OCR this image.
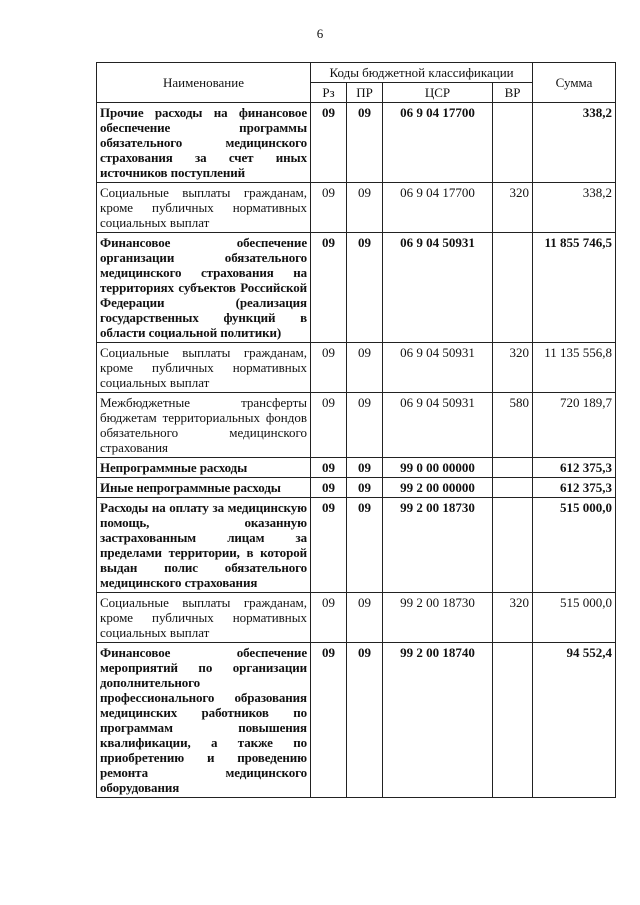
6
Наименование	Коды бюджетной классификации				Сумма
	Рз	ПР	ЦСР	ВР	
Прочие расходы на финансовое обеспечение программы обязательного медицинского страхования за счет иных источников поступлений	09	09	06 9 04 17700		338,2
Социальные выплаты гражданам, кроме публичных нормативных социальных выплат	09	09	06 9 04 17700	320	338,2
Финансовое обеспечение организации обязательного медицинского страхования на территориях субъектов Российской Федерации (реализация государственных функций в области социальной политики)	09	09	06 9 04 50931		11 855 746,5
Социальные выплаты гражданам, кроме публичных нормативных социальных выплат	09	09	06 9 04 50931	320	11 135 556,8
Межбюджетные трансферты бюджетам территориальных фондов обязательного медицинского страхования	09	09	06 9 04 50931	580	720 189,7
Непрограммные расходы	09	09	99 0 00 00000		612 375,3
Иные непрограммные расходы	09	09	99 2 00 00000		612 375,3
Расходы на оплату за медицинскую помощь, оказанную застрахованным лицам за пределами территории, в которой выдан полис обязательного медицинского страхования	09	09	99 2 00 18730		515 000,0
Социальные выплаты гражданам, кроме публичных нормативных социальных выплат	09	09	99 2 00 18730	320	515 000,0
Финансовое обеспечение мероприятий по организации дополнительного профессионального образования медицинских работников по программам повышения квалификации, а также по приобретению и проведению ремонта медицинского оборудования	09	09	99 2 00 18740		94 552,4
